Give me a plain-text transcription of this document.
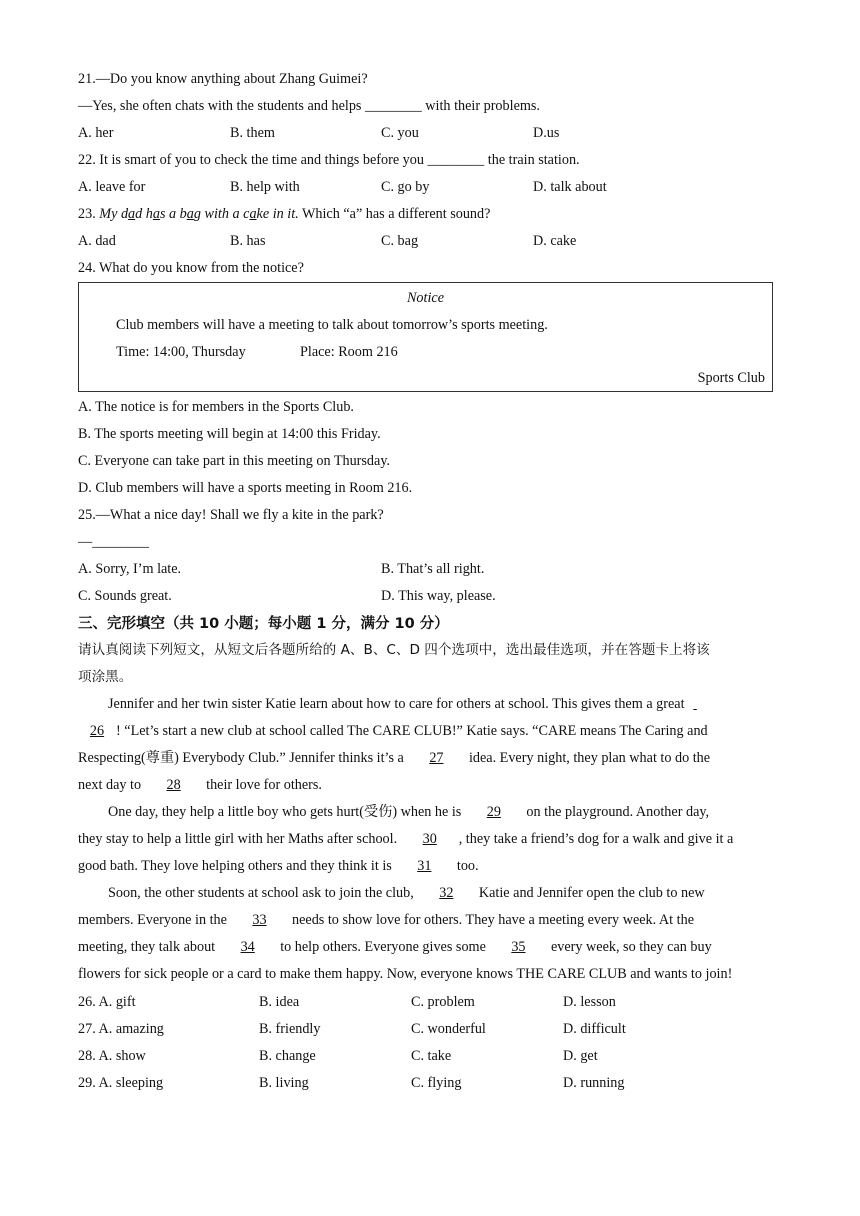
21.—Do you know anything about Zhang Guimei?
—Yes, she often chats with the students and helps ________ with their problems.
A. her	B. them	C. you	D.us
22. It is smart of you to check the time and things before you ________ the train station.
A. leave for	B. help with	C. go by	D. talk about
23. My dad has a bag with a cake in it. Which “a” has a different sound?
A. dad	B. has	C. bag	D. cake
24. What do you know from the notice?
Notice
Club members will have a meeting to talk about tomorrow’s sports meeting.
Time: 14:00, Thursday	Place: Room 216
Sports Club
A. The notice is for members in the Sports Club.
B. The sports meeting will begin at 14:00 this Friday.
C. Everyone can take part in this meeting on Thursday.
D. Club members will have a sports meeting in Room 216.
25.—What a nice day! Shall we fly a kite in the park?
—________
A. Sorry, I’m late.	B. That’s all right.
C. Sounds great.	D. This way, please.
三、完形填空（共 10 小题；每小题 1 分，满分 10 分）
请认真阅读下列短文，从短文后各题所给的 A、B、C、D 四个选项中，选出最佳选项，并在答题卡上将该
项涂黑。
Jennifer and her twin sister Katie learn about how to care for others at school. This gives them a great
26 ! “Let’s start a new club at school called The CARE CLUB!” Katie says. “CARE means The Caring and
Respecting(尊重) Everybody Club.” Jennifer thinks it’s a 27 idea. Every night, they plan what to do the
next day to 28 their love for others.
One day, they help a little boy who gets hurt(受伤) when he is 29 on the playground. Another day,
they stay to help a little girl with her Maths after school. 30 , they take a friend’s dog for a walk and give it a
good bath. They love helping others and they think it is 31 too.
Soon, the other students at school ask to join the club, 32 Katie and Jennifer open the club to new
members. Everyone in the 33 needs to show love for others. They have a meeting every week. At the
meeting, they talk about 34 to help others. Everyone gives some 35 every week, so they can buy
flowers for sick people or a card to make them happy. Now, everyone knows THE CARE CLUB and wants to join!
26. A. gift	B. idea	C. problem	D. lesson
27. A. amazing	B. friendly	C. wonderful	D. difficult
28. A. show	B. change	C. take	D. get
29. A. sleeping	B. living	C. flying	D. running
